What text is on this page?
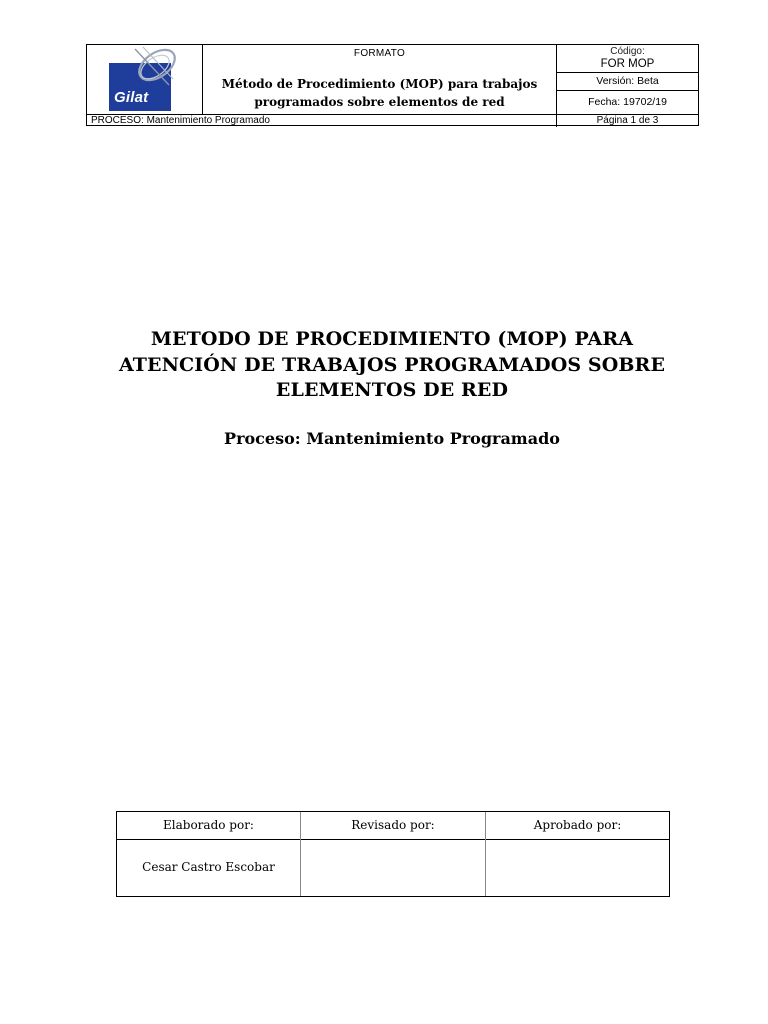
Gilat
FORMATO
Método de Procedimiento (MOP) para trabajos
programados sobre elementos de red
Código:
FOR MOP
Versión: Beta
Fecha: 19702/19
PROCESO: Mantenimiento Programado	Página 1 de 3
METODO DE PROCEDIMIENTO (MOP) PARA
ATENCIÓN DE TRABAJOS PROGRAMADOS SOBRE
ELEMENTOS DE RED
Proceso: Mantenimiento Programado
Elaborado por:
Cesar Castro Escobar
Revisado por:	Aprobado por:
